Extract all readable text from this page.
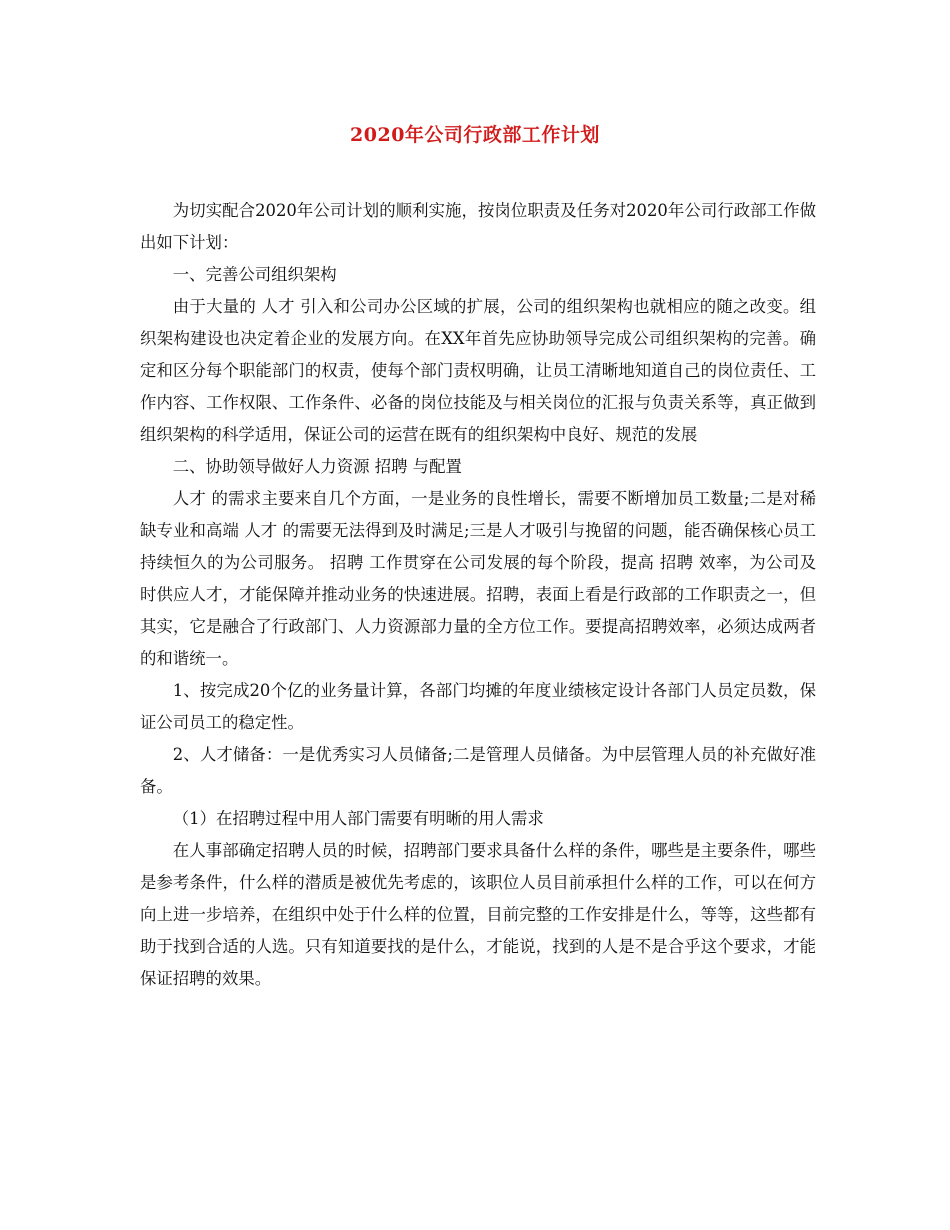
2020年公司行政部工作计划

为切实配合2020年公司计划的顺利实施，按岗位职责及任务对2020年公司行政部工作做出如下计划：

一、完善公司组织架构

由于大量的 人才 引入和公司办公区域的扩展，公司的组织架构也就相应的随之改变。组织架构建设也决定着企业的发展方向。在XX年首先应协助领导完成公司组织架构的完善。确定和区分每个职能部门的权责，使每个部门责权明确，让员工清晰地知道自己的岗位责任、工作内容、工作权限、工作条件、必备的岗位技能及与相关岗位的汇报与负责关系等，真正做到组织架构的科学适用，保证公司的运营在既有的组织架构中良好、规范的发展

二、协助领导做好人力资源 招聘 与配置

人才 的需求主要来自几个方面，一是业务的良性增长，需要不断增加员工数量;二是对稀缺专业和高端 人才 的需要无法得到及时满足;三是人才吸引与挽留的问题，能否确保核心员工持续恒久的为公司服务。 招聘 工作贯穿在公司发展的每个阶段，提高 招聘 效率，为公司及时供应人才，才能保障并推动业务的快速进展。招聘，表面上看是行政部的工作职责之一，但其实，它是融合了行政部门、人力资源部力量的全方位工作。要提高招聘效率，必须达成两者的和谐统一。

1、按完成20个亿的业务量计算，各部门均摊的年度业绩核定设计各部门人员定员数，保证公司员工的稳定性。

2、人才储备：一是优秀实习人员储备;二是管理人员储备。为中层管理人员的补充做好准备。

（1）在招聘过程中用人部门需要有明晰的用人需求

在人事部确定招聘人员的时候，招聘部门要求具备什么样的条件，哪些是主要条件，哪些是参考条件，什么样的潜质是被优先考虑的，该职位人员目前承担什么样的工作，可以在何方向上进一步培养，在组织中处于什么样的位置，目前完整的工作安排是什么，等等，这些都有助于找到合适的人选。只有知道要找的是什么，才能说，找到的人是不是合乎这个要求，才能保证招聘的效果。
